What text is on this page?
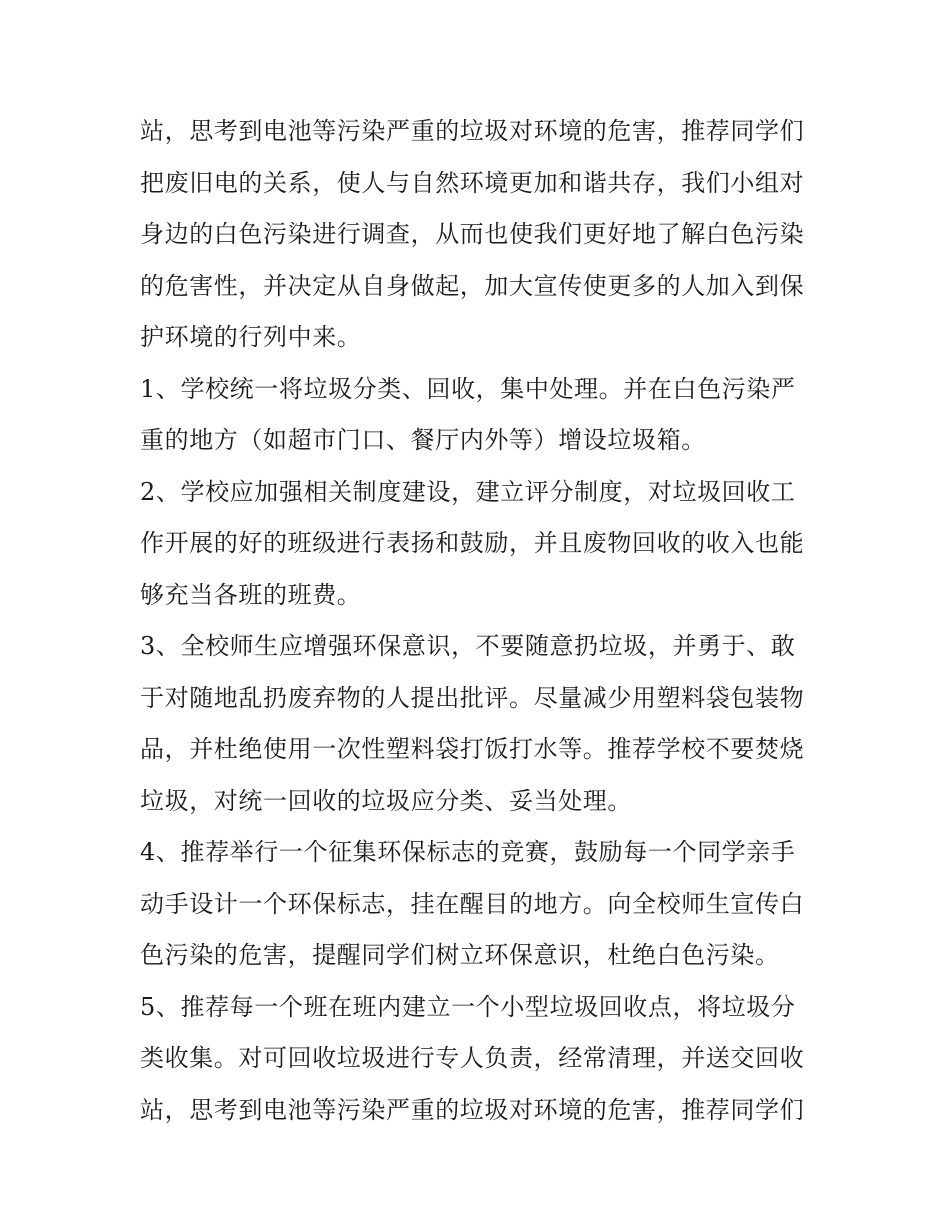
站，思考到电池等污染严重的垃圾对环境的危害，推荐同学们
把废旧电的关系，使人与自然环境更加和谐共存，我们小组对
身边的白色污染进行调查，从而也使我们更好地了解白色污染
的危害性，并决定从自身做起，加大宣传使更多的人加入到保
护环境的行列中来。
1、学校统一将垃圾分类、回收，集中处理。并在白色污染严
重的地方（如超市门口、餐厅内外等）增设垃圾箱。
2、学校应加强相关制度建设，建立评分制度，对垃圾回收工
作开展的好的班级进行表扬和鼓励，并且废物回收的收入也能
够充当各班的班费。
3、全校师生应增强环保意识，不要随意扔垃圾，并勇于、敢
于对随地乱扔废弃物的人提出批评。尽量减少用塑料袋包装物
品，并杜绝使用一次性塑料袋打饭打水等。推荐学校不要焚烧
垃圾，对统一回收的垃圾应分类、妥当处理。
4、推荐举行一个征集环保标志的竞赛，鼓励每一个同学亲手
动手设计一个环保标志，挂在醒目的地方。向全校师生宣传白
色污染的危害，提醒同学们树立环保意识，杜绝白色污染。
5、推荐每一个班在班内建立一个小型垃圾回收点，将垃圾分
类收集。对可回收垃圾进行专人负责，经常清理，并送交回收
站，思考到电池等污染严重的垃圾对环境的危害，推荐同学们
